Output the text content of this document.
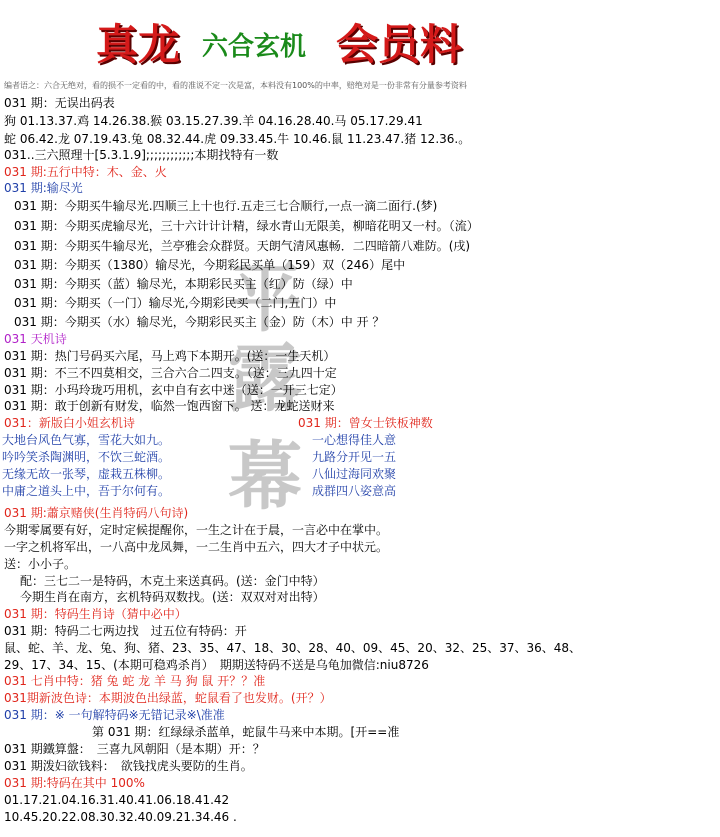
真龙 六合玄机 会员料
编者语之：六合无绝对，看的损不一定看的中，看的准说不定一次是富，本料没有100%的中率，赔绝对是一份非常有分量参考资料
平
露
幕
031 期：无误出码表
狗 01.13.37.鸡 14.26.38.猴 03.15.27.39.羊 04.16.28.40.马 05.17.29.41
蛇 06.42.龙 07.19.43.兔 08.32.44.虎 09.33.45.牛 10.46.鼠 11.23.47.猪 12.36.。
031..三六照理十[5.3.1.9];;;;;;;;;;;;本期找特有一数
031 期:五行中特：木、金、火
031 期:输尽光
031 期：今期买牛输尽光.四顺三上十也行.五走三七合顺行,一点一滴二面行.(梦)
031 期：今期买虎输尽光，三十六计计计精，绿水青山无限美，柳暗花明又一村。（流）
031 期：今期买牛输尽光，兰亭雅会众群贤。天朗气清风惠畅．二四暗箭八难防。(戌)
031 期：今期买（1380）输尽光，今期彩民买单（159）双（246）尾中
031 期：今期买（蓝）输尽光，本期彩民买主（红）防（绿）中
031 期：今期买（一门）输尽光,今期彩民买（二门,五门）中
031 期：今期买（水）输尽光，今期彩民买主（金）防（木）中 开 ？
031 天机诗
031 期：热门号码买六尾，马上鸡下本期开。(送：一生天机）
031 期：不三不四莫相交，三合六合二四支。（送：三九四十定
031 期：小玛玲珑巧用机，玄中自有玄中迷（送：一开三七定）
031 期：敢于创新有财发，临然一饱西窗下。 送：龙蛇送财来
031：新版白小姐玄机诗
大地台风色气寡，雪花大如九。
吟吟笑杀陶渊明，不饮三蛇酒。
无缘无故一张琴，虚栽五株柳。
中庸之道头上中，吾于尔何有。
031 期：曾女士铁板神数
一心想得佳人意
九路分开见一五
八仙过海同欢聚
成群四八姿意高
031 期:蕭京赌侠(生肖特码八句诗)
今期零属要有好，定时定候提醒你，一生之计在于晨，一言必中在掌中。
一字之机将军出，一八高中龙凤舞，一二生肖中五六，四大才子中状元。
送：小小子。
配：三七二一是特码，木克土来送真码。(送：金门中特）
今期生肖在南方，玄机特码双数找。(送：双双对对出特）
031 期：特码生肖诗（猜中必中）
031 期：特码二七两边找　过五位有特码：开
鼠、蛇、羊、龙、兔、狗、猪、23、35、47、18、30、28、40、09、45、20、32、25、37、36、48、
29、17、34、15、(本期可稳鸡杀肖）　期期送特码不送是乌龟加微信:niu8726
031 七肖中特：猪 兔 蛇 龙 羊 马 狗 鼠 开？？准
031期新波色诗：本期波色出绿蓝，蛇鼠看了也发财。(开？）
031 期：※ 一句解特码※无错记录※\准准
第 031 期：红绿绿杀蓝单，蛇鼠牛马来中本期。[开==准
031 期鐵算盤：　三喜九风朝阳（是本期）开：？
031 期泼妇欲钱料：　欲钱找虎头要防的生肖。
031 期:特码在其中 100%
01.17.21.04.16.31.40.41.06.18.41.42
10.45.20.22.08.30.32.40.09.21.34.46 .
